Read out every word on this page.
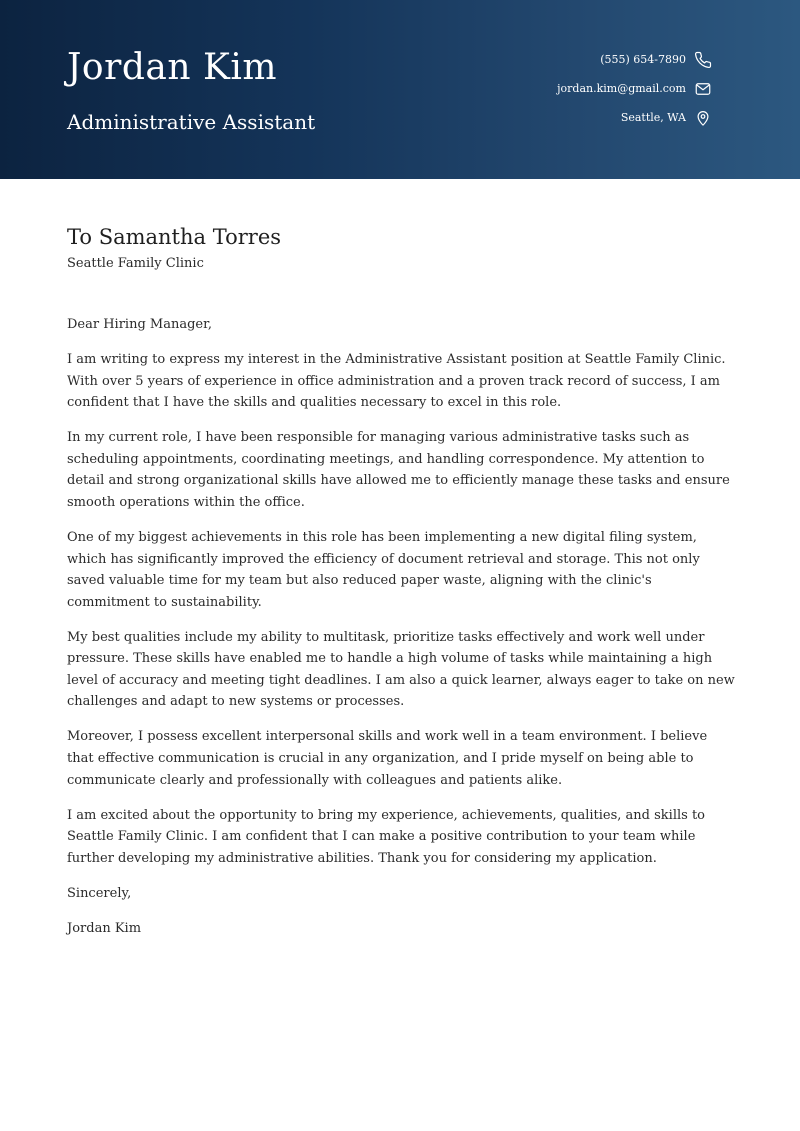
Jordan Kim
Administrative Assistant
(555) 654-7890
jordan.kim@gmail.com
Seattle, WA
To Samantha Torres

Seattle Family Clinic

Dear Hiring Manager,

I am writing to express my interest in the Administrative Assistant position at Seattle Family Clinic. With over 5 years of experience in office administration and a proven track record of success, I am confident that I have the skills and qualities necessary to excel in this role.

In my current role, I have been responsible for managing various administrative tasks such as scheduling appointments, coordinating meetings, and handling correspondence. My attention to detail and strong organizational skills have allowed me to efficiently manage these tasks and ensure smooth operations within the office.

One of my biggest achievements in this role has been implementing a new digital filing system, which has significantly improved the efficiency of document retrieval and storage. This not only saved valuable time for my team but also reduced paper waste, aligning with the clinic's commitment to sustainability.

My best qualities include my ability to multitask, prioritize tasks effectively and work well under pressure. These skills have enabled me to handle a high volume of tasks while maintaining a high level of accuracy and meeting tight deadlines. I am also a quick learner, always eager to take on new challenges and adapt to new systems or processes.

Moreover, I possess excellent interpersonal skills and work well in a team environment. I believe that effective communication is crucial in any organization, and I pride myself on being able to communicate clearly and professionally with colleagues and patients alike.

I am excited about the opportunity to bring my experience, achievements, qualities, and skills to Seattle Family Clinic. I am confident that I can make a positive contribution to your team while further developing my administrative abilities. Thank you for considering my application.

Sincerely,

Jordan Kim
